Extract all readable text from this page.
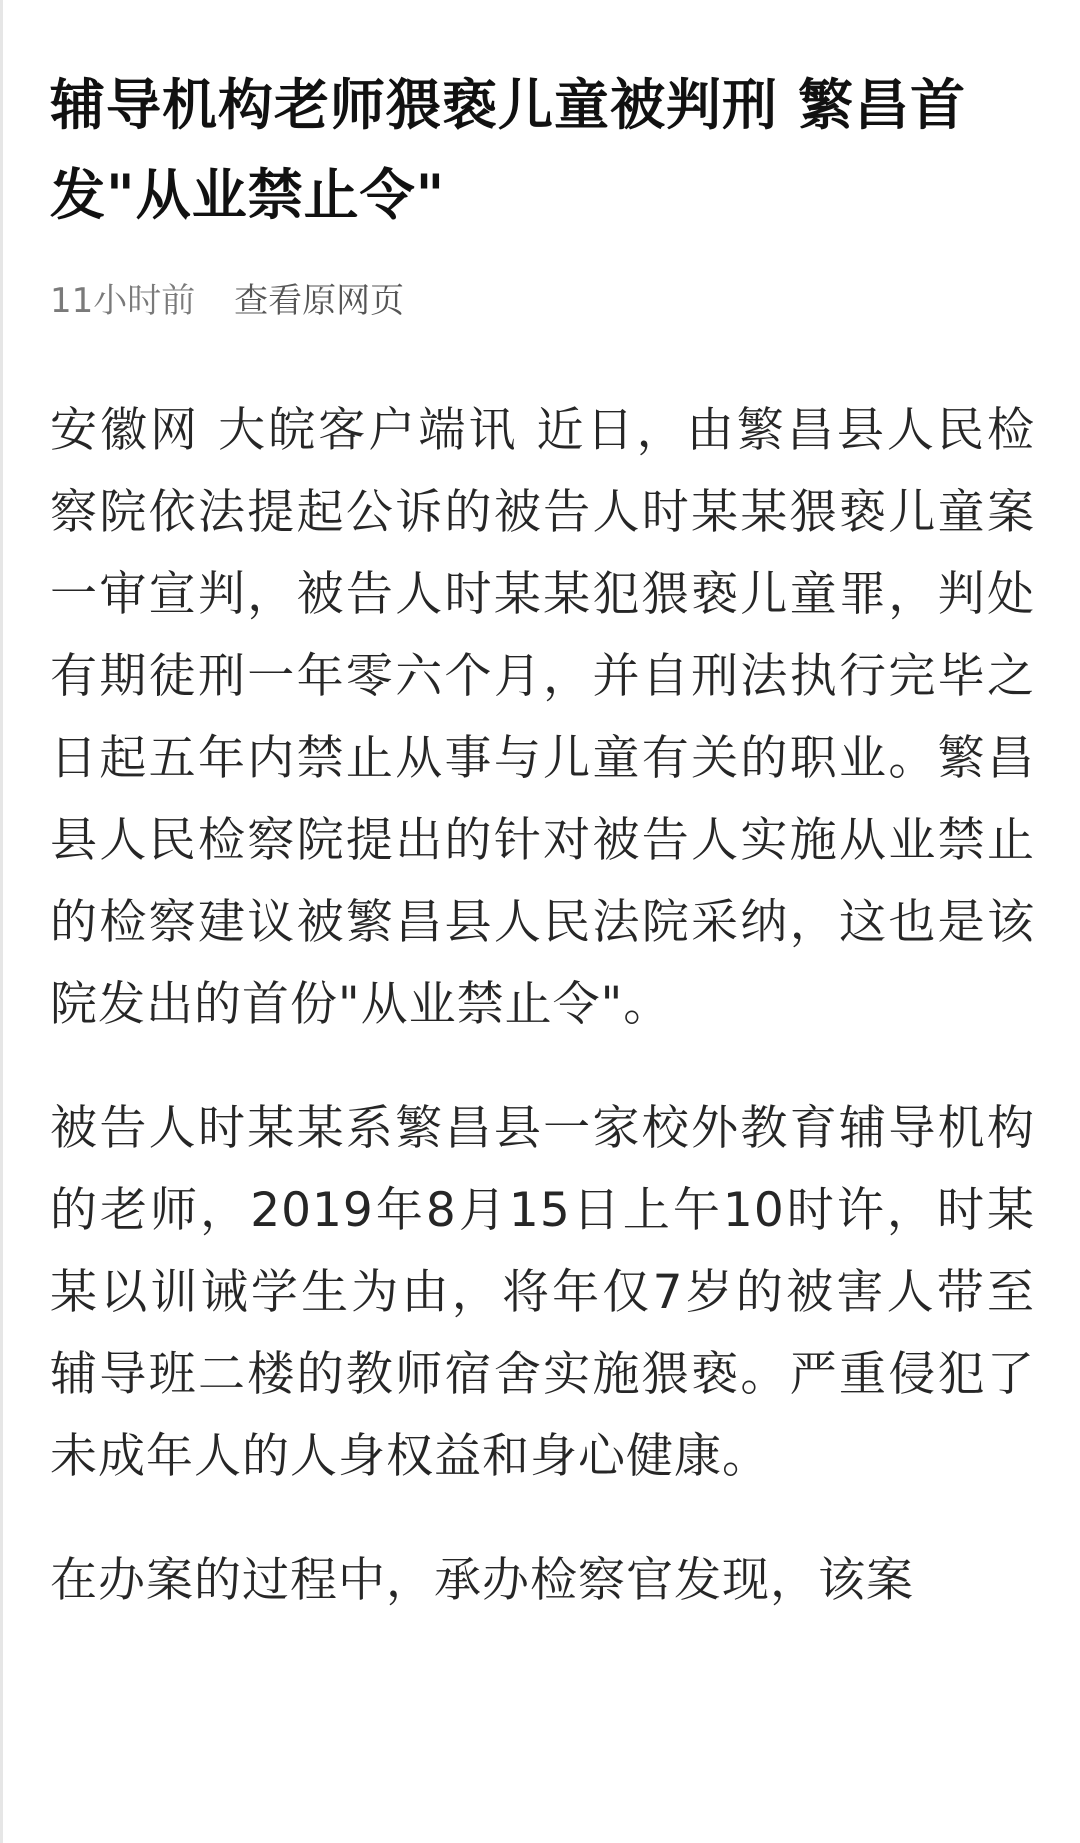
辅导机构老师猥亵儿童被判刑 繁昌首发"从业禁止令"
11小时前 查看原网页

安徽网 大皖客户端讯 近日，由繁昌县人民检察院依法提起公诉的被告人时某某猥亵儿童案一审宣判，被告人时某某犯猥亵儿童罪，判处有期徒刑一年零六个月，并自刑法执行完毕之日起五年内禁止从事与儿童有关的职业。繁昌县人民检察院提出的针对被告人实施从业禁止的检察建议被繁昌县人民法院采纳，这也是该院发出的首份"从业禁止令"。

被告人时某某系繁昌县一家校外教育辅导机构的老师，2019年8月15日上午10时许，时某某以训诫学生为由，将年仅7岁的被害人带至辅导班二楼的教师宿舍实施猥亵。严重侵犯了未成年人的人身权益和身心健康。

在办案的过程中，承办检察官发现，该案
